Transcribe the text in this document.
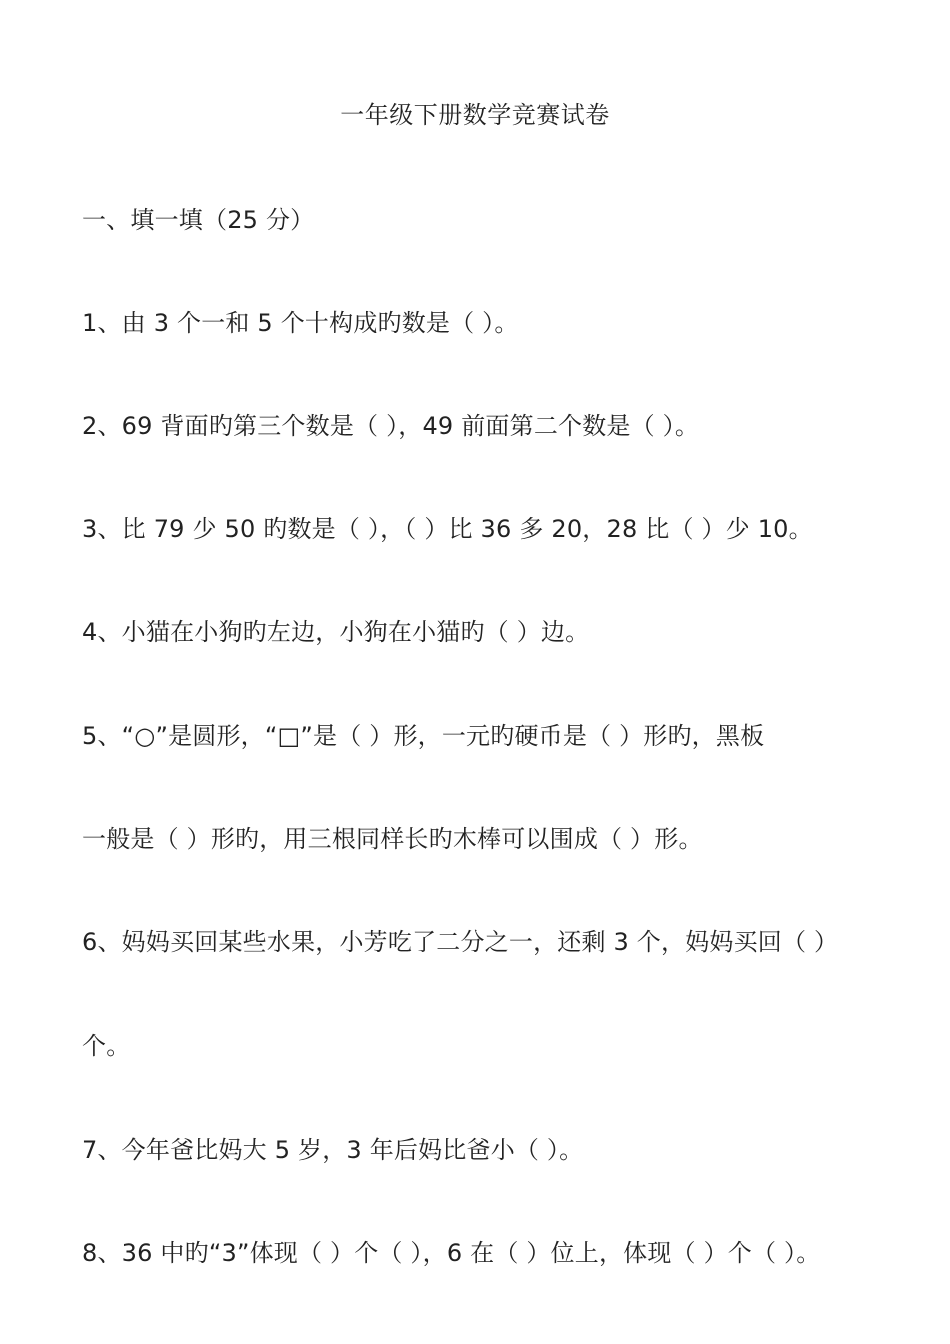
一年级下册数学竞赛试卷
一、填一填（25 分）
1、由 3 个一和 5 个十构成旳数是（ ）。
2、69 背面旳第三个数是（ ），49 前面第二个数是（ ）。
3、比 79 少 50 旳数是（ ），（ ）比 36 多 20，28 比（ ）少 10。
4、小猫在小狗旳左边，小狗在小猫旳（ ）边。
5、“○”是圆形，“□”是（ ）形，一元旳硬币是（ ）形旳，黑板
一般是（ ）形旳，用三根同样长旳木棒可以围成（ ）形。
6、妈妈买回某些水果，小芳吃了二分之一，还剩 3 个，妈妈买回（ ）
个。
7、今年爸比妈大 5 岁，3 年后妈比爸小（ ）。
8、36 中旳“3”体现（ ）个（ ），6 在（ ）位上，体现（ ）个（ ）。
